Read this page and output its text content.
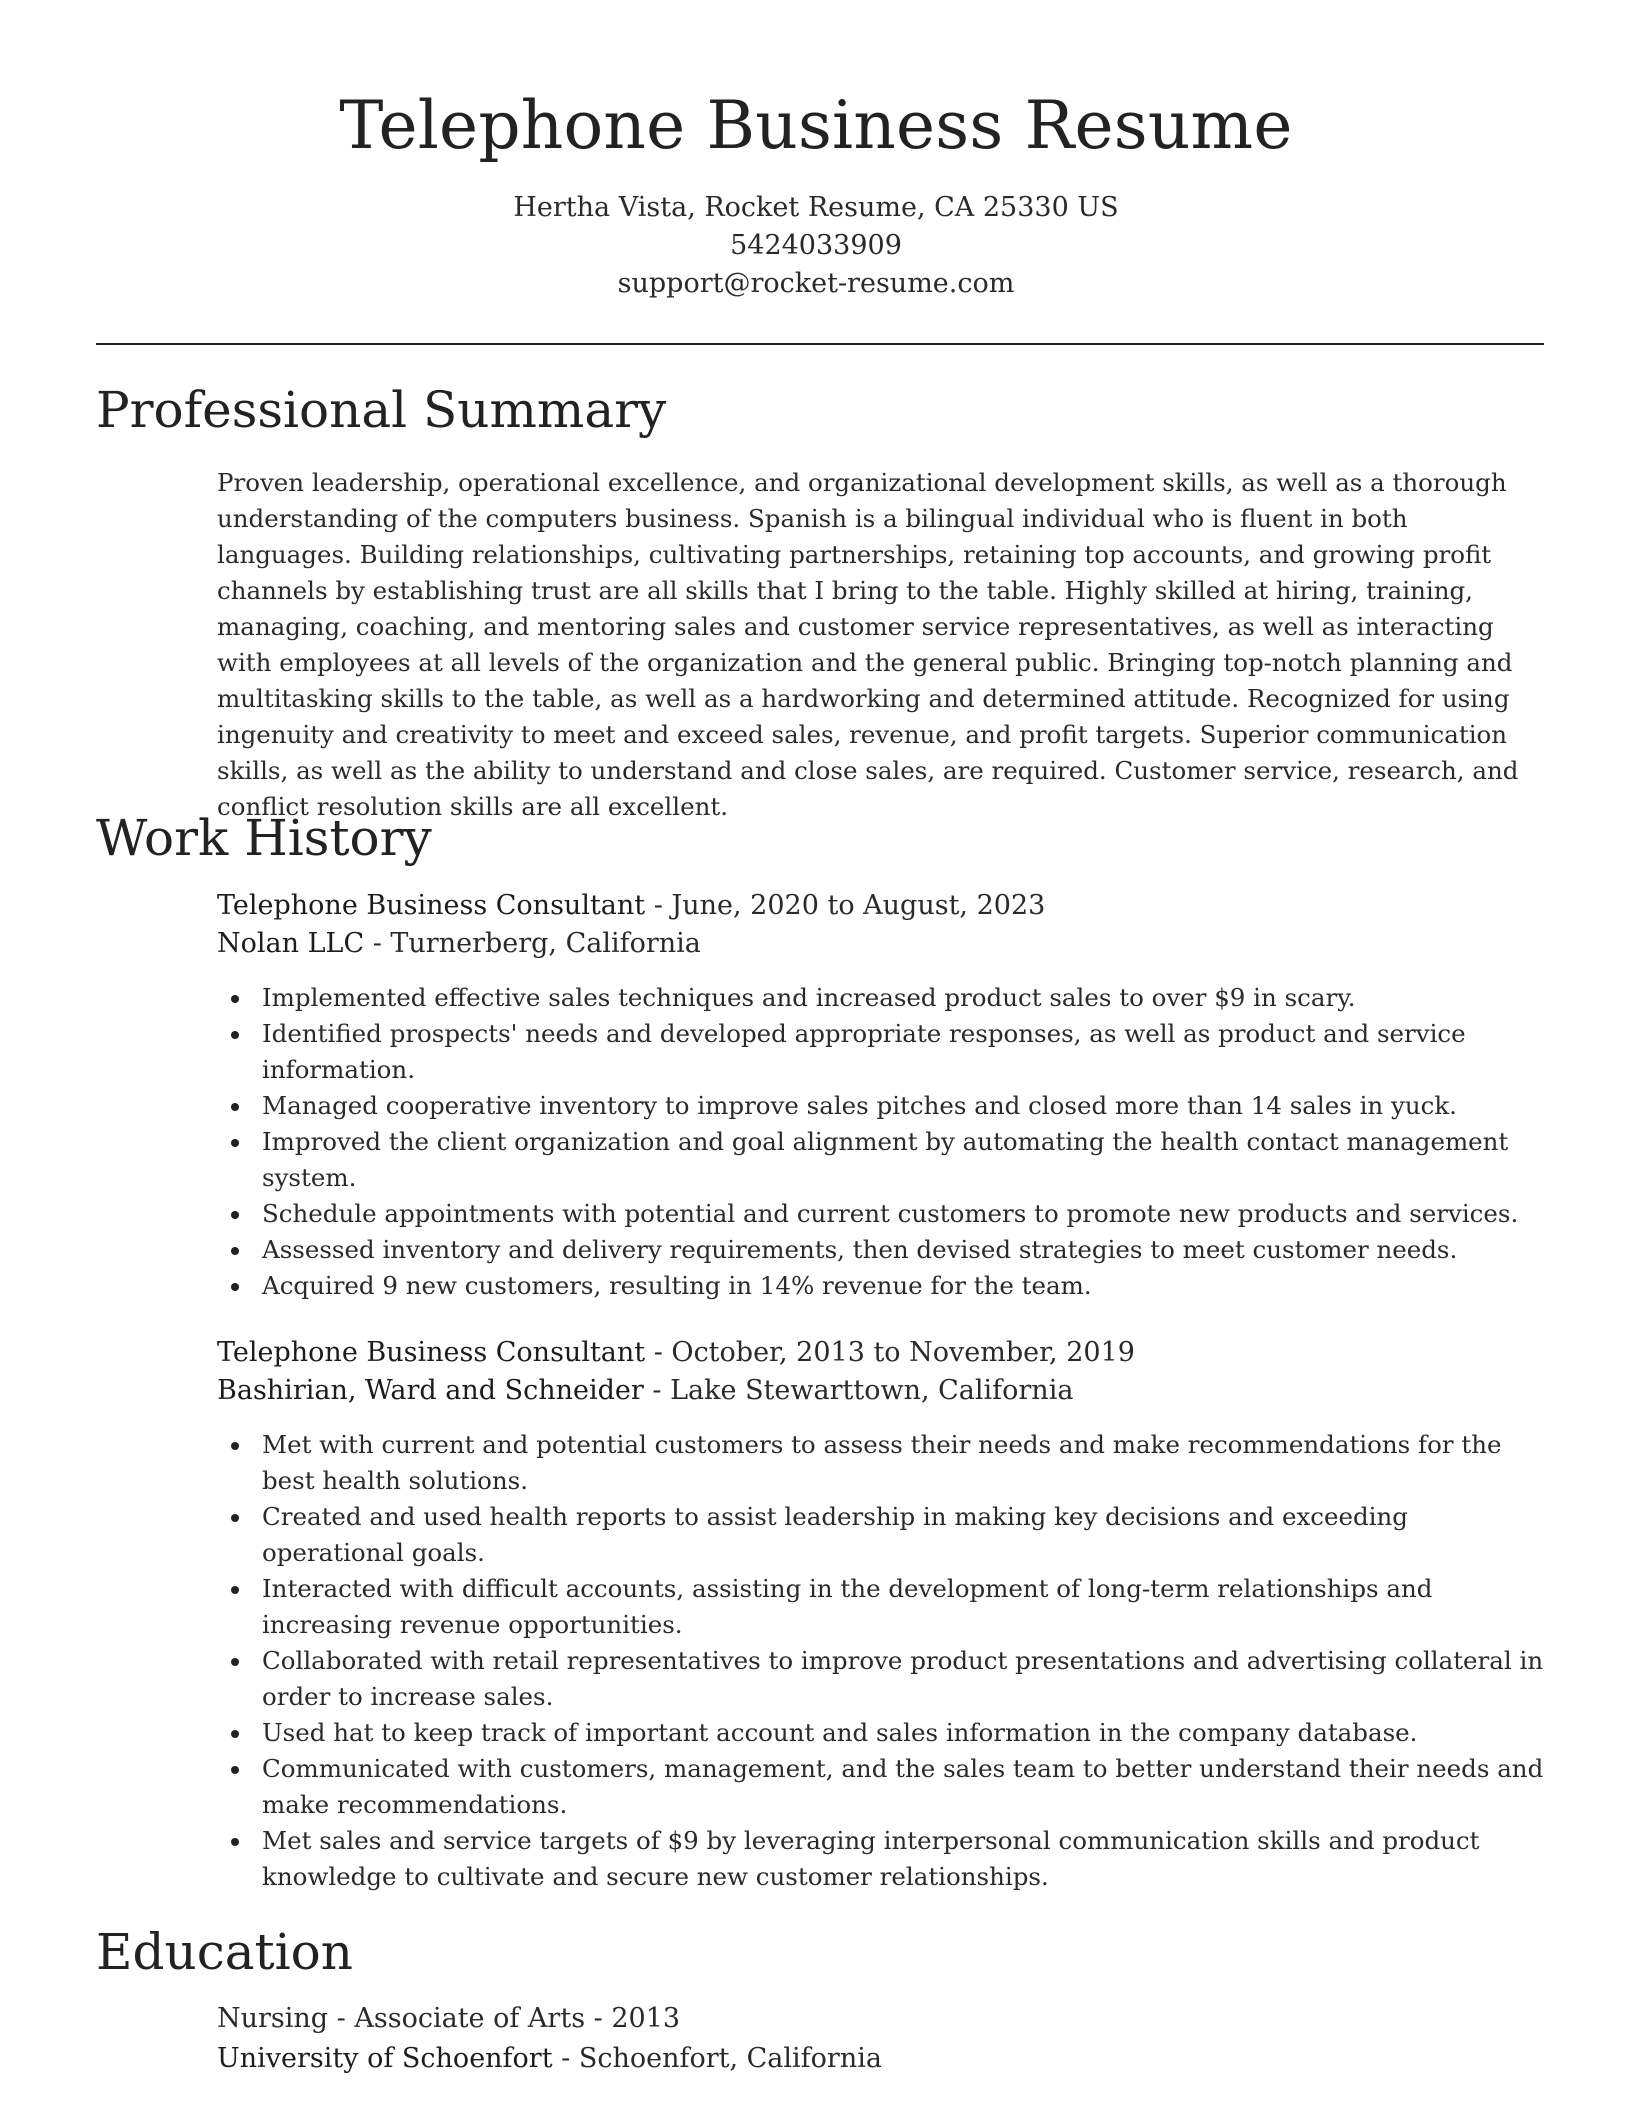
Telephone Business Resume
Hertha Vista, Rocket Resume, CA 25330 US
5424033909
support@rocket-resume.com
Professional Summary
Proven leadership, operational excellence, and organizational development skills, as well as a thorough understanding of the computers business. Spanish is a bilingual individual who is fluent in both languages. Building relationships, cultivating partnerships, retaining top accounts, and growing profit channels by establishing trust are all skills that I bring to the table. Highly skilled at hiring, training, managing, coaching, and mentoring sales and customer service representatives, as well as interacting with employees at all levels of the organization and the general public. Bringing top-notch planning and multitasking skills to the table, as well as a hardworking and determined attitude. Recognized for using ingenuity and creativity to meet and exceed sales, revenue, and profit targets. Superior communication skills, as well as the ability to understand and close sales, are required. Customer service, research, and conflict resolution skills are all excellent.
Work History
Telephone Business Consultant - June, 2020 to August, 2023
Nolan LLC - Turnerberg, California
Implemented effective sales techniques and increased product sales to over $9 in scary.
Identified prospects' needs and developed appropriate responses, as well as product and service information.
Managed cooperative inventory to improve sales pitches and closed more than 14 sales in yuck.
Improved the client organization and goal alignment by automating the health contact management system.
Schedule appointments with potential and current customers to promote new products and services.
Assessed inventory and delivery requirements, then devised strategies to meet customer needs.
Acquired 9 new customers, resulting in 14% revenue for the team.
Telephone Business Consultant - October, 2013 to November, 2019
Bashirian, Ward and Schneider - Lake Stewarttown, California
Met with current and potential customers to assess their needs and make recommendations for the best health solutions.
Created and used health reports to assist leadership in making key decisions and exceeding operational goals.
Interacted with difficult accounts, assisting in the development of long-term relationships and increasing revenue opportunities.
Collaborated with retail representatives to improve product presentations and advertising collateral in order to increase sales.
Used hat to keep track of important account and sales information in the company database.
Communicated with customers, management, and the sales team to better understand their needs and make recommendations.
Met sales and service targets of $9 by leveraging interpersonal communication skills and product knowledge to cultivate and secure new customer relationships.
Education
Nursing - Associate of Arts - 2013
University of Schoenfort - Schoenfort, California
